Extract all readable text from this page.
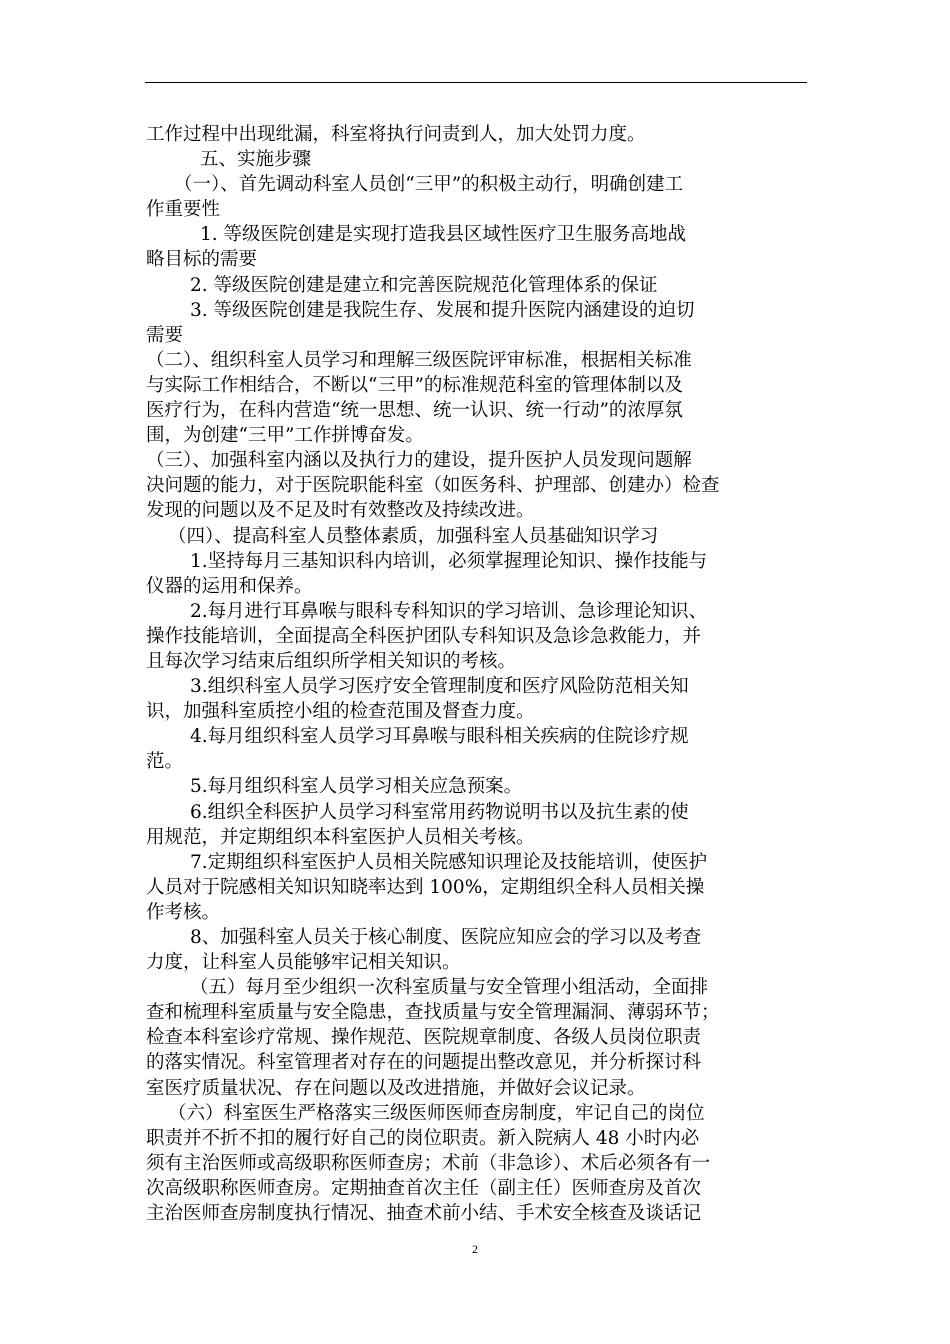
工作过程中出现纰漏，科室将执行问责到人，加大处罚力度。

五、实施步骤

（一）、首先调动科室人员创“三甲”的积极主动行，明确创建工

作重要性

1. 等级医院创建是实现打造我县区域性医疗卫生服务高地战

略目标的需要

2. 等级医院创建是建立和完善医院规范化管理体系的保证

3. 等级医院创建是我院生存、发展和提升医院内涵建设的迫切

需要

（二）、组织科室人员学习和理解三级医院评审标准，根据相关标准

与实际工作相结合，不断以“三甲”的标准规范科室的管理体制以及

医疗行为，在科内营造“统一思想、统一认识、统一行动”的浓厚氛

围，为创建“三甲”工作拼博奋发。

（三）、加强科室内涵以及执行力的建设，提升医护人员发现问题解

决问题的能力，对于医院职能科室（如医务科、护理部、创建办）检查

发现的问题以及不足及时有效整改及持续改进。

（四）、提高科室人员整体素质，加强科室人员基础知识学习

1.坚持每月三基知识科内培训，必须掌握理论知识、操作技能与

仪器的运用和保养。

2.每月进行耳鼻喉与眼科专科知识的学习培训、急诊理论知识、

操作技能培训，全面提高全科医护团队专科知识及急诊急救能力，并

且每次学习结束后组织所学相关知识的考核。

3.组织科室人员学习医疗安全管理制度和医疗风险防范相关知

识，加强科室质控小组的检查范围及督查力度。

4.每月组织科室人员学习耳鼻喉与眼科相关疾病的住院诊疗规

范。

5.每月组织科室人员学习相关应急预案。

6.组织全科医护人员学习科室常用药物说明书以及抗生素的使

用规范，并定期组织本科室医护人员相关考核。

7.定期组织科室医护人员相关院感知识理论及技能培训，使医护

人员对于院感相关知识知晓率达到 100%，定期组织全科人员相关操

作考核。

8、加强科室人员关于核心制度、医院应知应会的学习以及考查

力度，让科室人员能够牢记相关知识。

（五）每月至少组织一次科室质量与安全管理小组活动，全面排

查和梳理科室质量与安全隐患，查找质量与安全管理漏洞、薄弱环节；

检查本科室诊疗常规、操作规范、医院规章制度、各级人员岗位职责

的落实情况。科室管理者对存在的问题提出整改意见，并分析探讨科

室医疗质量状况、存在问题以及改进措施，并做好会议记录。

（六）科室医生严格落实三级医师医师查房制度，牢记自己的岗位

职责并不折不扣的履行好自己的岗位职责。新入院病人 48 小时内必

须有主治医师或高级职称医师查房；术前（非急诊）、术后必须各有一

次高级职称医师查房。定期抽查首次主任（副主任）医师查房及首次

主治医师查房制度执行情况、抽查术前小结、手术安全核查及谈话记

2
